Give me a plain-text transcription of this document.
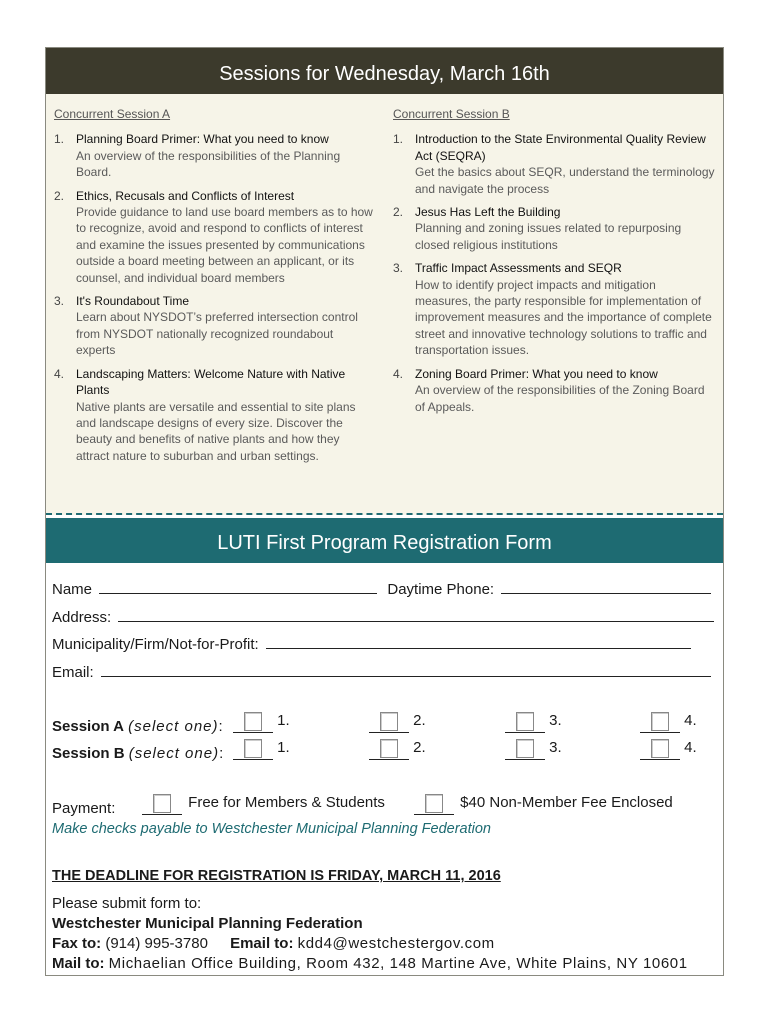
Sessions for Wednesday, March 16th
Concurrent Session A
1. Planning Board Primer: What you need to know
An overview of the responsibilities of the Planning Board.
2. Ethics, Recusals and Conflicts of Interest
Provide guidance to land use board members as to how to recognize, avoid and respond to conflicts of interest and examine the issues presented by communications outside a board meeting between an applicant, or its counsel, and individual board members
3. It's Roundabout Time
Learn about NYSDOT’s preferred intersection control from NYSDOT nationally recognized roundabout experts
4. Landscaping Matters: Welcome Nature with Native Plants
Native plants are versatile and essential to site plans and landscape designs of every size. Discover the beauty and benefits of native plants and how they attract nature to suburban and urban settings.
Concurrent Session B
1. Introduction to the State Environmental Quality Review Act (SEQRA)
Get the basics about SEQR, understand the terminology and navigate the process
2. Jesus Has Left the Building
Planning and zoning issues related to repurposing closed religious institutions
3. Traffic Impact Assessments and SEQR
How to identify project impacts and mitigation measures, the party responsible for implementation of improvement measures and the importance of complete street and innovative technology solutions to traffic and transportation issues.
4. Zoning Board Primer: What you need to know
An overview of the responsibilities of the Zoning Board of Appeals.
LUTI First Program Registration Form
Name	Daytime Phone:
Address:
Municipality/Firm/Not-for-Profit:
Email:
Session A (select one):	1.	2.	3.	4.
Session B (select one):	1.	2.	3.	4.
Payment:	Free for Members & Students	$40 Non-Member Fee Enclosed
Make checks payable to Westchester Municipal Planning Federation
THE DEADLINE FOR REGISTRATION IS FRIDAY, MARCH 11, 2016
Please submit form to:
Westchester Municipal Planning Federation
Fax to: (914) 995-3780 Email to: kdd4@westchestergov.com
Mail to: Michaelian Office Building, Room 432, 148 Martine Ave, White Plains, NY 10601
